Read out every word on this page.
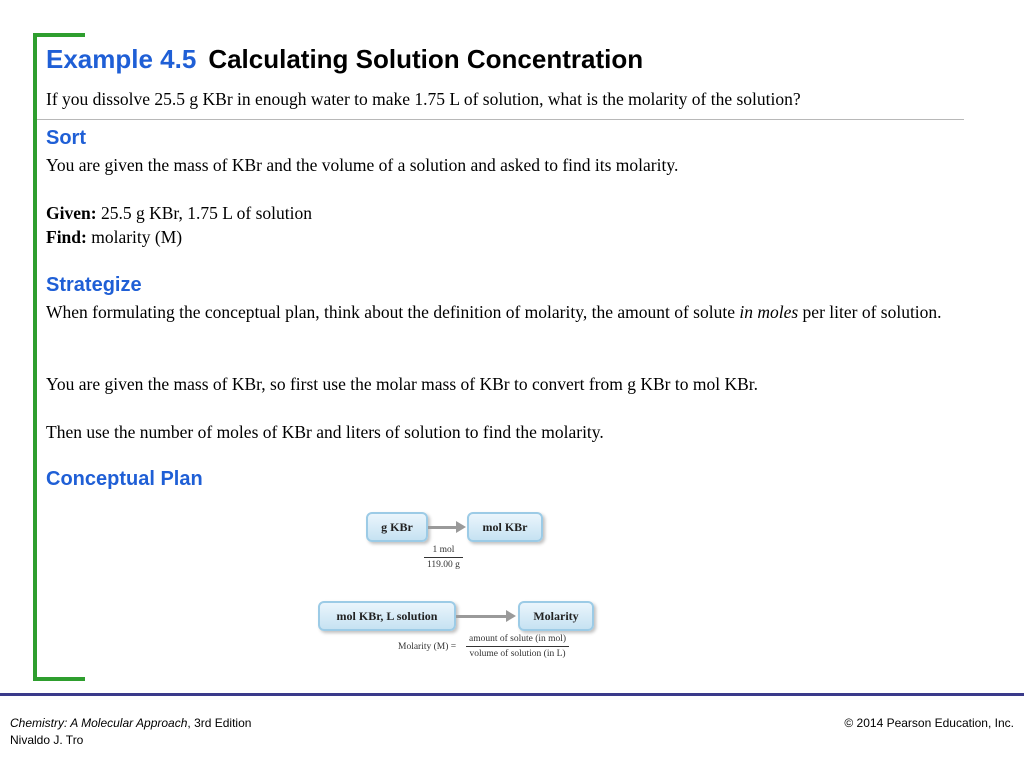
Example 4.5 Calculating Solution Concentration
If you dissolve 25.5 g KBr in enough water to make 1.75 L of solution, what is the molarity of the solution?
Sort
You are given the mass of KBr and the volume of a solution and asked to find its molarity.
Given: 25.5 g KBr, 1.75 L of solution
Find: molarity (M)
Strategize
When formulating the conceptual plan, think about the definition of molarity, the amount of solute in moles per liter of solution.
You are given the mass of KBr, so first use the molar mass of KBr to convert from g KBr to mol KBr.
Then use the number of moles of KBr and liters of solution to find the molarity.
Conceptual Plan
g KBr	mol KBr
1 mol
119.00 g
mol KBr, L solution	Molarity
Molarity (M) =
amount of solute (in mol)
volume of solution (in L)
Chemistry: A Molecular Approach, 3rd Edition
Nivaldo J. Tro
© 2014 Pearson Education, Inc.
